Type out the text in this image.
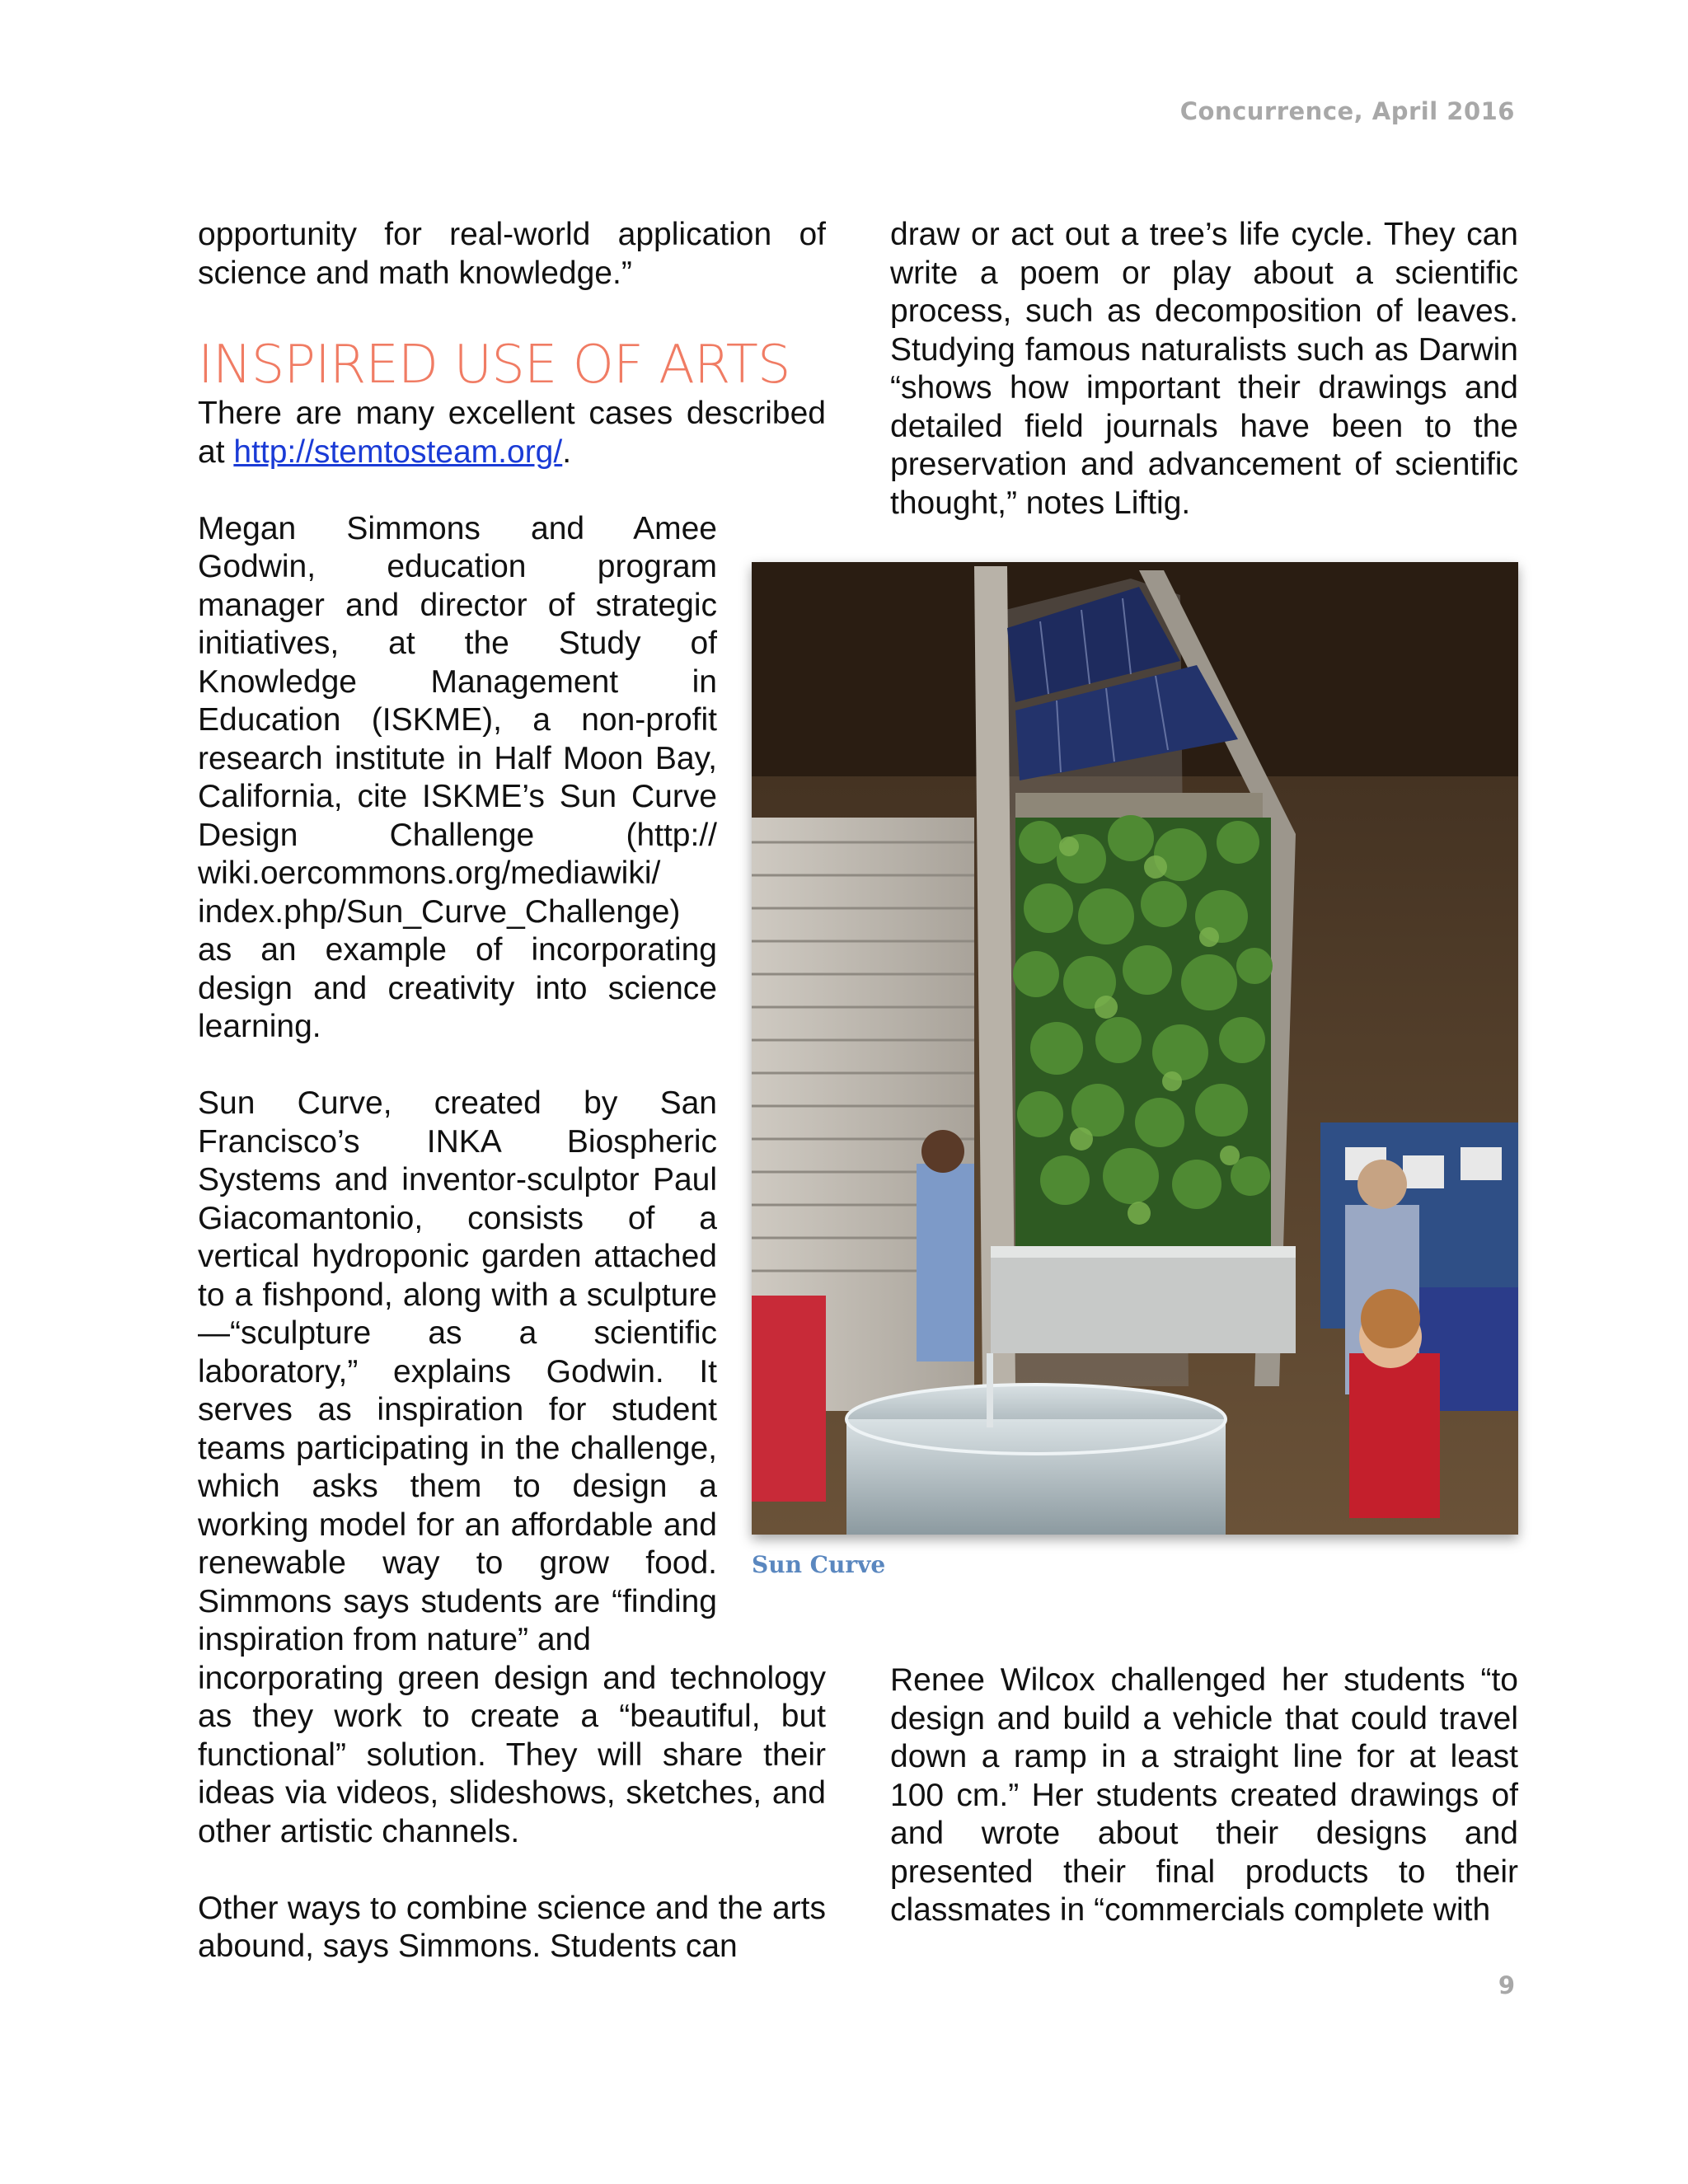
Concurrence, April 2016

opportunity for real-world application of science and math knowledge.”

INSPIRED USE OF ARTS

There are many excellent cases described at http://stemtosteam.org/.

Megan Simmons and Amee Godwin, education program manager and director of strategic initiatives, at the Study of Knowledge Management in Education (ISKME), a non-profit research institute in Half Moon Bay, California, cite ISKME’s Sun Curve Design Challenge (http:// wiki.oercommons.org/mediawiki/ index.php/Sun_Curve_Challenge) as an example of incorporating design and creativity into science learning.

Sun Curve, created by San Francisco’s INKA Biospheric Systems and inventor-sculptor Paul Giacomantonio, consists of a vertical hydroponic garden attached to a fishpond, along with a sculpture —“sculpture as a scientific laboratory,” explains Godwin. It serves as inspiration for student teams participating in the challenge, which asks them to design a working model for an affordable and renewable way to grow food. Simmons says students are “finding inspiration from nature” and

incorporating green design and technology as they work to create a “beautiful, but functional” solution. They will share their ideas via videos, slideshows, sketches, and other artistic channels.

Other ways to combine science and the arts abound, says Simmons. Students can

draw or act out a tree’s life cycle. They can write a poem or play about a scientific process, such as decomposition of leaves. Studying famous naturalists such as Darwin “shows how important their drawings and detailed field journals have been to the preservation and advancement of scientific thought,” notes Liftig.

Sun Curve

Renee Wilcox challenged her students “to design and build a vehicle that could travel down a ramp in a straight line for at least 100 cm.” Her students created drawings of and wrote about their designs and presented their final products to their classmates in “commercials complete with

9
